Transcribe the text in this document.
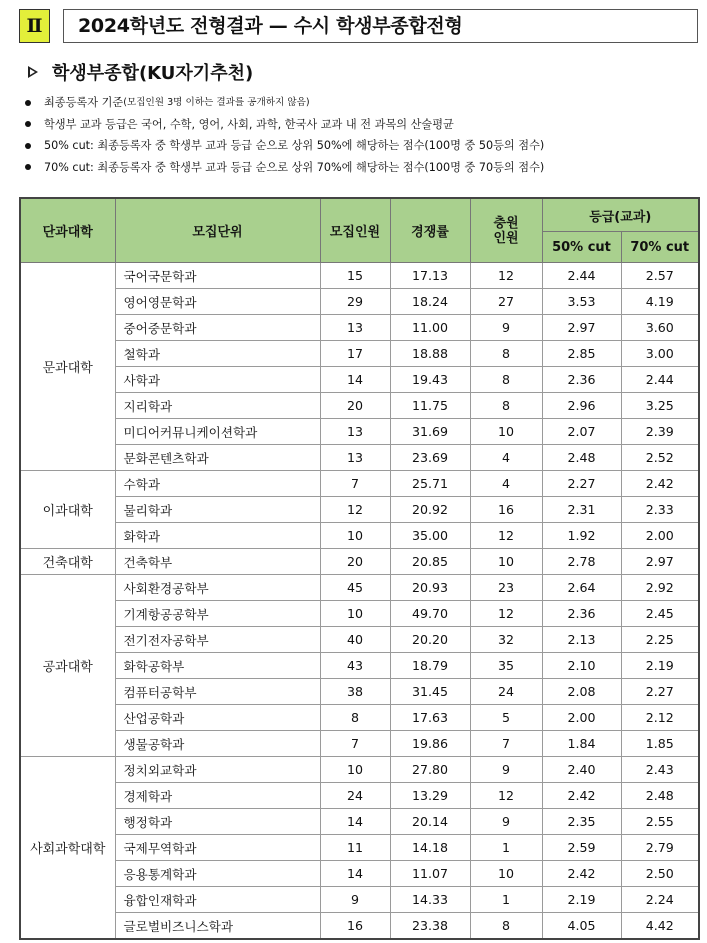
Ⅱ	2024학년도 전형결과 — 수시 학생부종합전형
학생부종합(KU자기추천)
최종등록자 기준 (모집인원 3명 이하는 결과를 공개하지 않음)
학생부 교과 등급은 국어, 수학, 영어, 사회, 과학, 한국사 교과 내 전 과목의 산술평균
50% cut: 최종등록자 중 학생부 교과 등급 순으로 상위 50%에 해당하는 점수(100명 중 50등의 점수)
70% cut: 최종등록자 중 학생부 교과 등급 순으로 상위 70%에 해당하는 점수(100명 중 70등의 점수)
단과대학	모집단위	모집인원	경쟁률	충원
인원	등급(교과)	
					50% cut	70% cut
문과대학	국어국문학과	15	17.13	12	2.44	2.57
	영어영문학과	29	18.24	27	3.53	4.19
	중어중문학과	13	11.00	9	2.97	3.60
	철학과	17	18.88	8	2.85	3.00
	사학과	14	19.43	8	2.36	2.44
	지리학과	20	11.75	8	2.96	3.25
	미디어커뮤니케이션학과	13	31.69	10	2.07	2.39
	문화콘텐츠학과	13	23.69	4	2.48	2.52
이과대학	수학과	7	25.71	4	2.27	2.42
	물리학과	12	20.92	16	2.31	2.33
	화학과	10	35.00	12	1.92	2.00
건축대학	건축학부	20	20.85	10	2.78	2.97
공과대학	사회환경공학부	45	20.93	23	2.64	2.92
	기계항공공학부	10	49.70	12	2.36	2.45
	전기전자공학부	40	20.20	32	2.13	2.25
	화학공학부	43	18.79	35	2.10	2.19
	컴퓨터공학부	38	31.45	24	2.08	2.27
	산업공학과	8	17.63	5	2.00	2.12
	생물공학과	7	19.86	7	1.84	1.85
사회과학대학	정치외교학과	10	27.80	9	2.40	2.43
	경제학과	24	13.29	12	2.42	2.48
	행정학과	14	20.14	9	2.35	2.55
	국제무역학과	11	14.18	1	2.59	2.79
	응용통계학과	14	11.07	10	2.42	2.50
	융합인재학과	9	14.33	1	2.19	2.24
	글로벌비즈니스학과	16	23.38	8	4.05	4.42
